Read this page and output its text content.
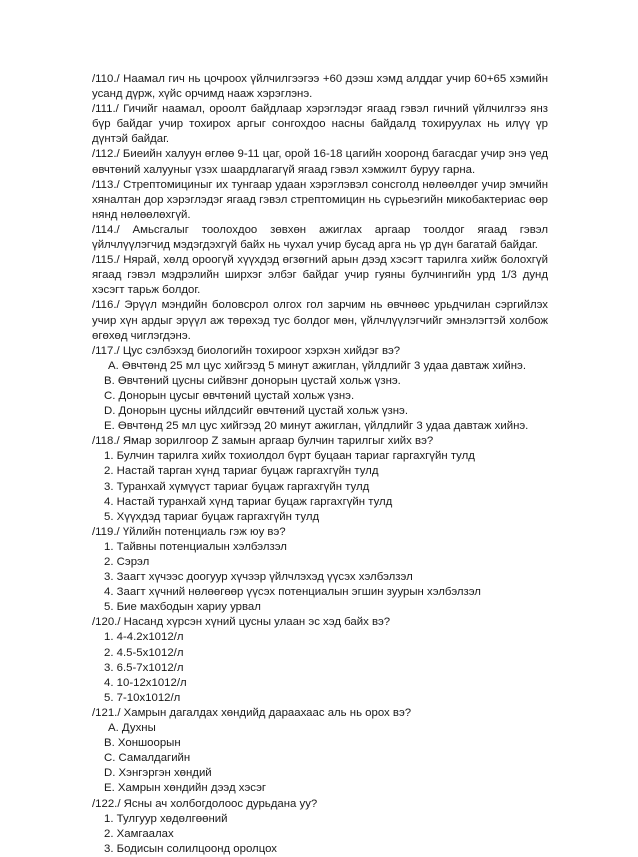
/110./ Наамал гич нь цочроох үйлчилгээгээ +60 дээш хэмд алддаг учир 60+65 хэмийн усанд дүрж, хүйс орчимд нааж хэрэглэнэ.

/111./ Гичийг наамал, ороолт байдлаар хэрэглэдэг ягаад гэвэл гичний үйлчилгээ янз бүр байдаг учир тохирох аргыг сонгохдоо насны байдалд тохируулах нь илүү үр дүнтэй байдаг.

/112./ Биеийн халуун өглөө 9-11 цаг, орой 16-18 цагийн хооронд багасдаг учир энэ үед өвчтөний халууныг үзэх шаардлагагүй ягаад гэвэл хэмжилт буруу гарна.

/113./ Стрептомициныг их тунгаар удаан хэрэглэвэл сонсголд нөлөөлдөг учир эмчийн хяналтан дор хэрэглэдэг ягаад гэвэл стрептомицин нь сүрьеэгийн микобактериас өөр нянд нөлөөлөхгүй.

/114./ Амьсгалыг тоолохдоо зөвхөн ажиглах аргаар тоолдог ягаад гэвэл үйлчлүүлэгчид мэдэгдэхгүй байх нь чухал учир бусад арга нь үр дүн багатай байдаг.

/115./ Нярай, хөлд ороогүй хүүхдэд өгзөгний арын дээд хэсэгт тарилга хийж болохгүй ягаад гэвэл мэдрэлийн ширхэг элбэг байдаг учир гуяны булчингийн урд 1/3 дунд хэсэгт тарьж болдог.

/116./ Эрүүл мэндийн боловсрол олгох гол зарчим нь өвчнөөс урьдчилан сэргийлэх учир хүн ардыг эрүүл аж төрөхэд тус болдог мөн, үйлчлүүлэгчийг эмнэлэгтэй холбож өгөхөд чиглэгдэнэ.

/117./ Цус сэлбэхэд биологийн тохироог хэрхэн хийдэг вэ?

A. Өвчтөнд 25 мл цус хийгээд 5 минут ажиглан, үйлдлийг 3 удаа давтаж хийнэ.

B. Өвчтөний цусны сийвэнг донорын цустай хольж үзнэ.

C. Донорын цусыг өвчтөний цустай хольж үзнэ.

D. Донорын цусны ийлдсийг өвчтөний цустай хольж үзнэ.

E. Өвчтөнд 25 мл цус хийгээд 20 минут ажиглан, үйлдлийг 3 удаа давтаж хийнэ.

/118./ Ямар зорилгоор Z замын аргаар булчин тарилгыг хийх вэ?

1. Булчин тарилга хийх тохиолдол бүрт буцаан тариаг гаргахгүйн тулд

2. Настай тарган хүнд тариаг буцаж гаргахгүйн тулд

3. Туранхай хүмүүст тариаг буцаж гаргахгүйн тулд

4. Настай туранхай хүнд тариаг буцаж гаргахгүйн тулд

5. Хүүхдэд тариаг буцаж гаргахгүйн тулд

/119./ Үйлийн потенциаль гэж юу вэ?

1. Тайвны потенциалын хэлбэлзэл

2. Сэрэл

3. Заагт хүчээс доогуур хүчээр үйлчлэхэд үүсэх хэлбэлзэл

4. Заагт хүчний нөлөөгөөр үүсэх потенциалын эгшин зуурын хэлбэлзэл

5. Бие махбодын хариу урвал

/120./ Насанд хүрсэн хүний цусны улаан эс хэд байх вэ?

1. 4-4.2х1012/л

2. 4.5-5х1012/л

3. 6.5-7х1012/л

4. 10-12х1012/л

5. 7-10х1012/л

/121./ Хамрын дагалдах хөндийд дараахаас аль нь орох вэ?

A. Духны

B. Хоншоорын

C. Самалдагийн

D. Хэнгэргэн хөндий

E. Хамрын хөндийн дээд хэсэг

/122./ Ясны ач холбогдолоос дурьдана уу?

1. Тулгуур хөдөлгөөний

2. Хамгаалах

3. Бодисын солилцоонд оролцох
